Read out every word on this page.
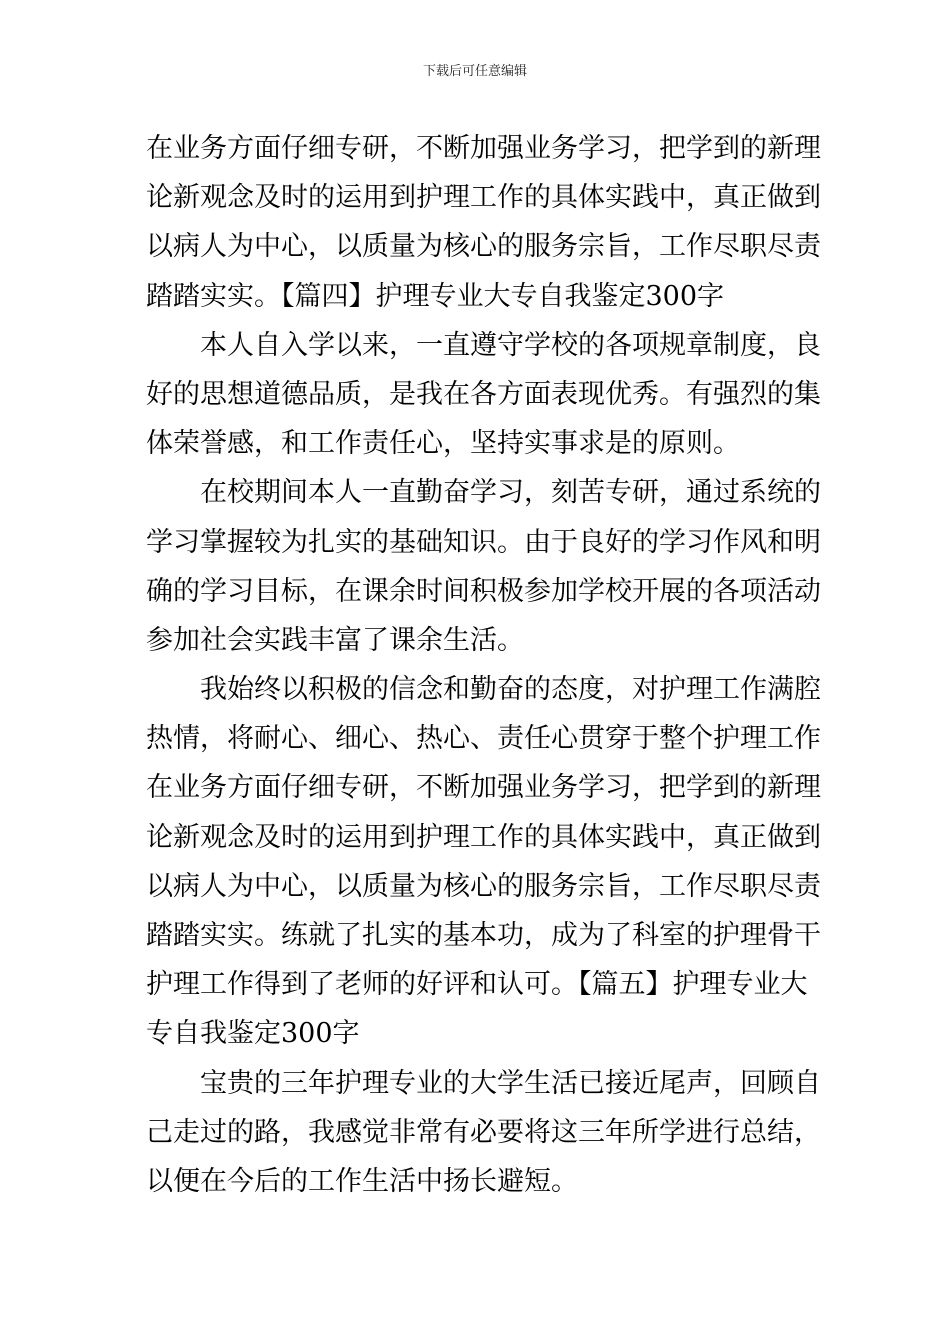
下载后可任意编辑
在业务方面仔细专研，不断加强业务学习，把学到的新理
论新观念及时的运用到护理工作的具体实践中，真正做到
以病人为中心，以质量为核心的服务宗旨，工作尽职尽责
踏踏实实。【篇四】护理专业大专自我鉴定300字
本人自入学以来，一直遵守学校的各项规章制度，良
好的思想道德品质，是我在各方面表现优秀。有强烈的集
体荣誉感，和工作责任心，坚持实事求是的原则。
在校期间本人一直勤奋学习，刻苦专研，通过系统的
学习掌握较为扎实的基础知识。由于良好的学习作风和明
确的学习目标，在课余时间积极参加学校开展的各项活动
参加社会实践丰富了课余生活。
我始终以积极的信念和勤奋的态度，对护理工作满腔
热情，将耐心、细心、热心、责任心贯穿于整个护理工作
在业务方面仔细专研，不断加强业务学习，把学到的新理
论新观念及时的运用到护理工作的具体实践中，真正做到
以病人为中心，以质量为核心的服务宗旨，工作尽职尽责
踏踏实实。练就了扎实的基本功，成为了科室的护理骨干
护理工作得到了老师的好评和认可。【篇五】护理专业大
专自我鉴定300字
宝贵的三年护理专业的大学生活已接近尾声，回顾自
己走过的路，我感觉非常有必要将这三年所学进行总结，
以便在今后的工作生活中扬长避短。
